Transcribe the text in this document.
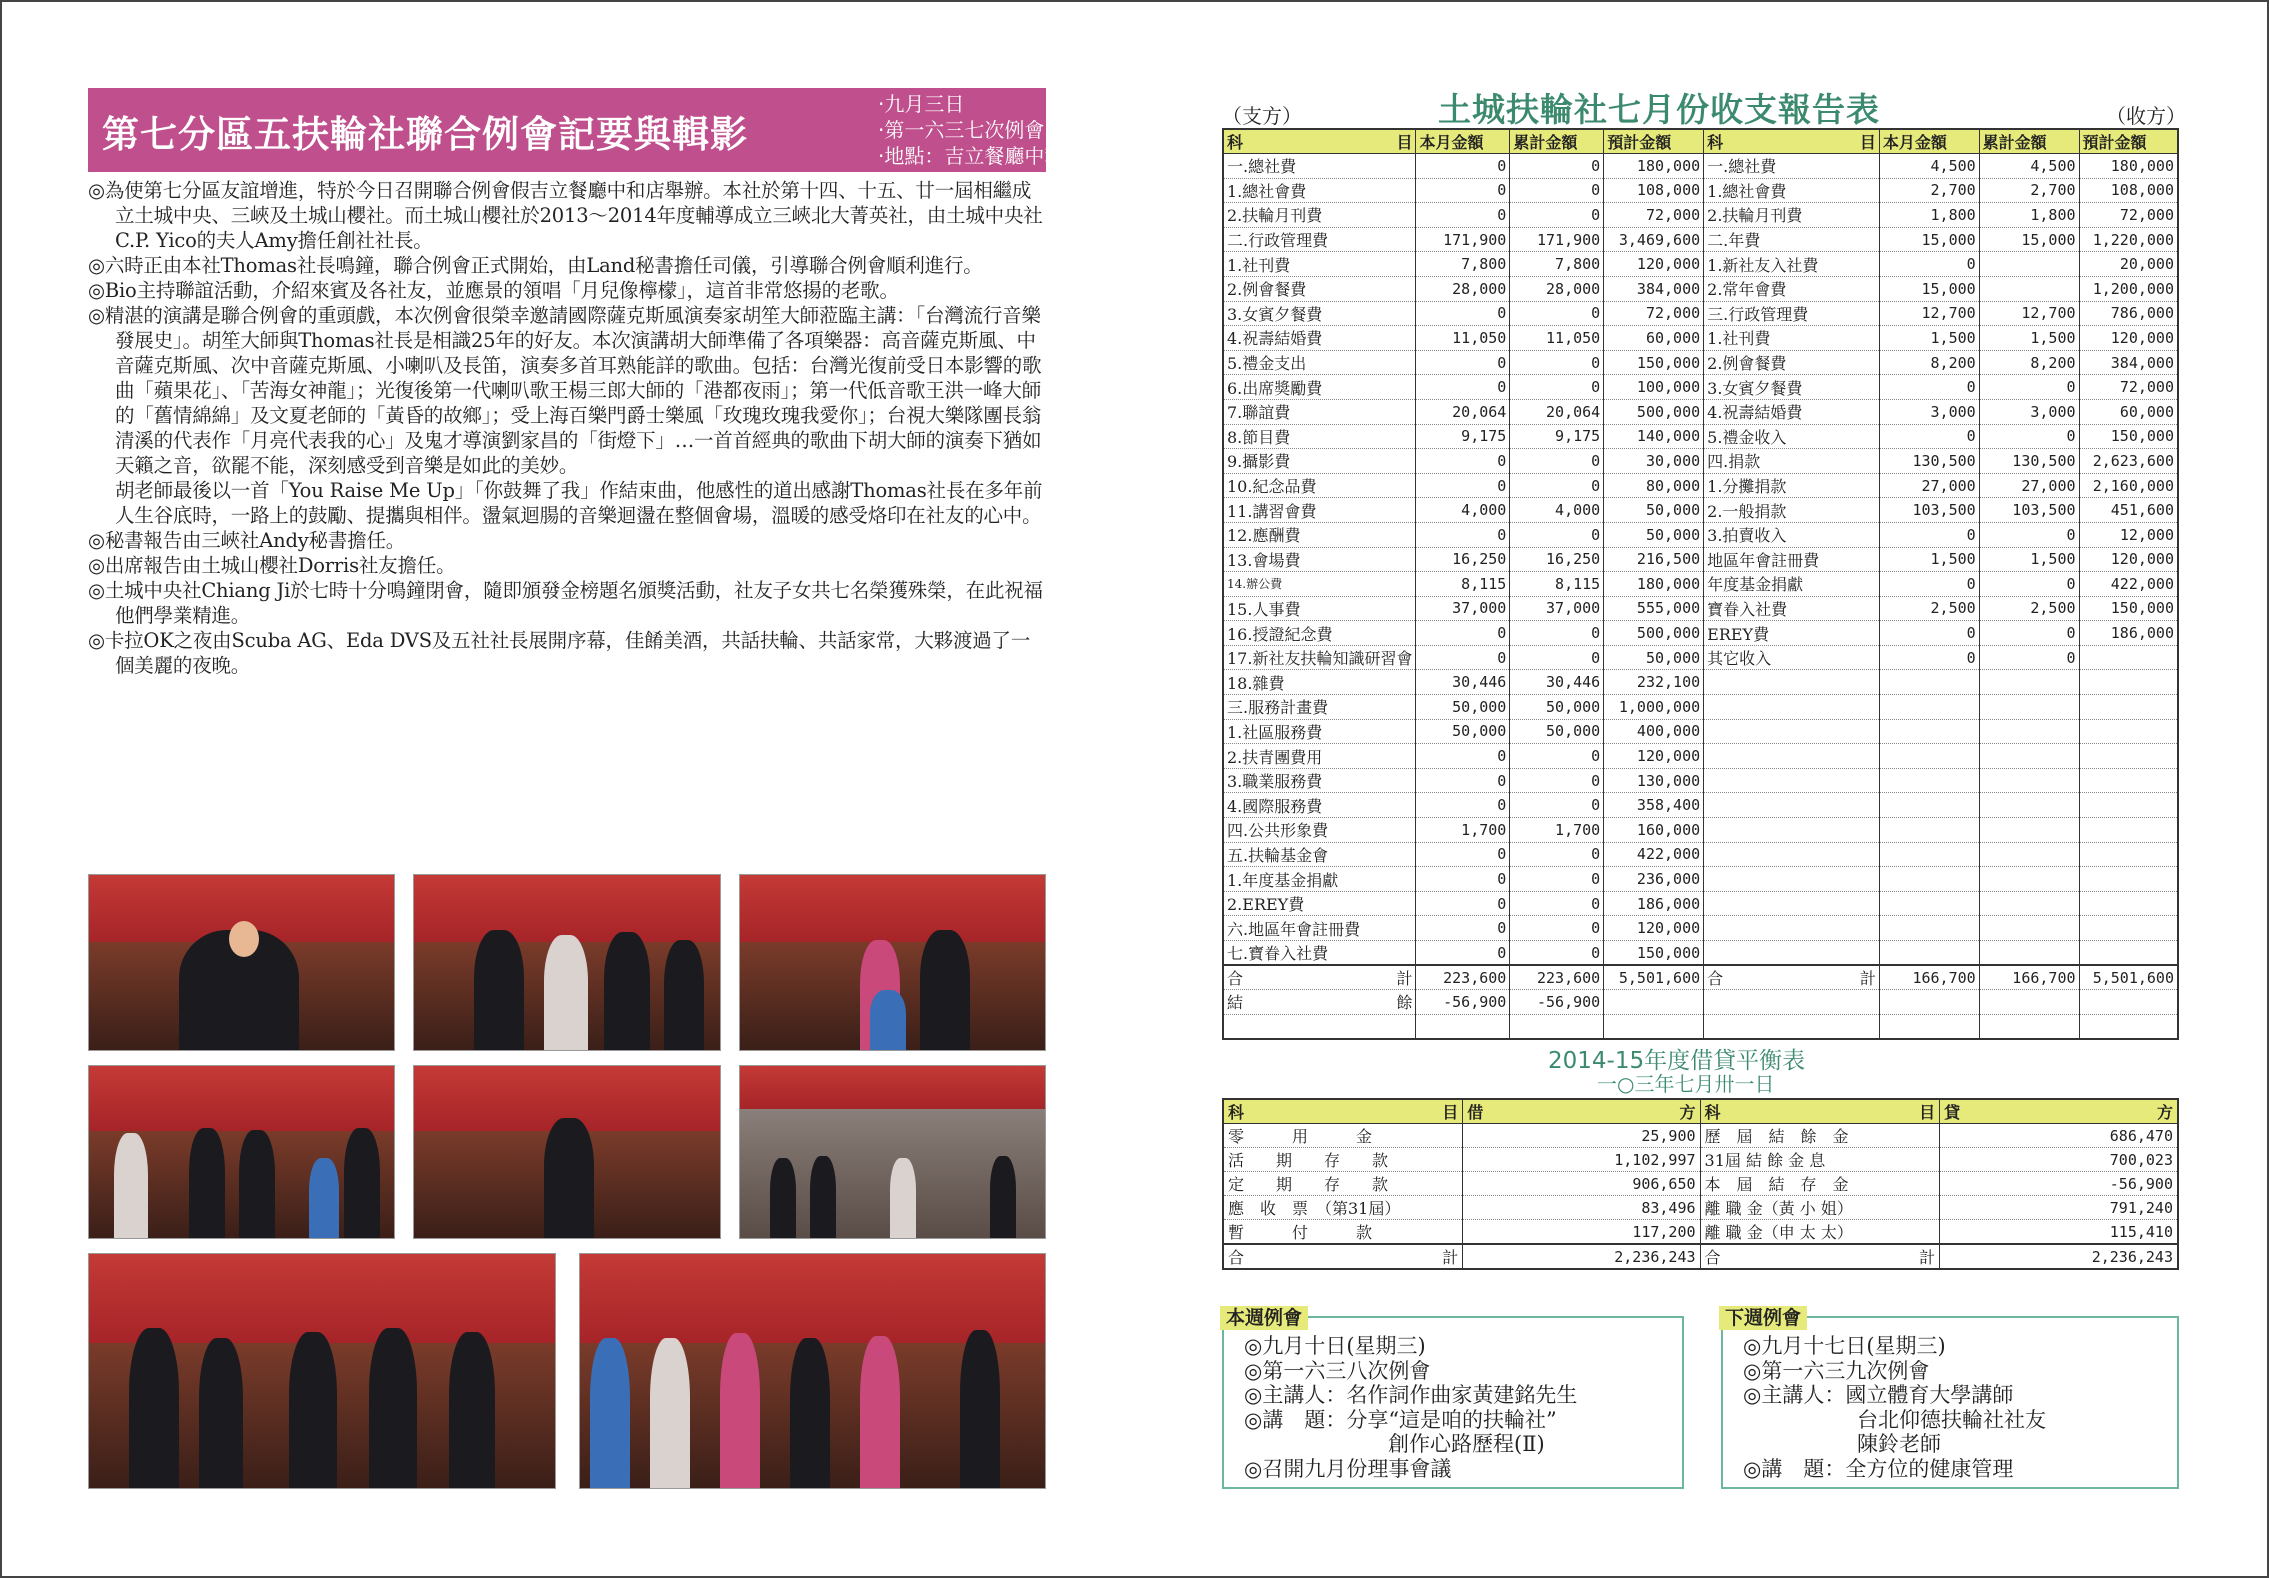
第七分區五扶輪社聯合例會記要與輯影
‧九月三日
‧第一六三七次例會
‧地點：吉立餐廳中和店
◎為使第七分區友誼增進，特於今日召開聯合例會假吉立餐廳中和店舉辦。本社於第十四、十五、廿一屆相繼成立土城中央、三峽及土城山櫻社。而土城山櫻社於2013～2014年度輔導成立三峽北大菁英社，由土城中央社C.P. Yico的夫人Amy擔任創社社長。
◎六時正由本社Thomas社長鳴鐘，聯合例會正式開始，由Land秘書擔任司儀，引導聯合例會順利進行。
◎Bio主持聯誼活動，介紹來賓及各社友，並應景的領唱「月兒像檸檬」，這首非常悠揚的老歌。
◎精湛的演講是聯合例會的重頭戲，本次例會很榮幸邀請國際薩克斯風演奏家胡笙大師蒞臨主講：「台灣流行音樂發展史」。胡笙大師與Thomas社長是相識25年的好友。本次演講胡大師準備了各項樂器：高音薩克斯風、中音薩克斯風、次中音薩克斯風、小喇叭及長笛，演奏多首耳熟能詳的歌曲。包括：台灣光復前受日本影響的歌曲「蘋果花」、「苦海女神龍」；光復後第一代喇叭歌王楊三郎大師的「港都夜雨」；第一代低音歌王洪一峰大師的「舊情綿綿」及文夏老師的「黃昏的故鄉」；受上海百樂門爵士樂風「玫瑰玫瑰我愛你」；台視大樂隊團長翁清溪的代表作「月亮代表我的心」及鬼才導演劉家昌的「街燈下」…一首首經典的歌曲下胡大師的演奏下猶如天籟之音，欲罷不能，深刻感受到音樂是如此的美妙。
胡老師最後以一首「You Raise Me Up」「你鼓舞了我」作結束曲，他感性的道出感謝Thomas社長在多年前人生谷底時，一路上的鼓勵、提攜與相伴。盪氣迴腸的音樂迴盪在整個會場，溫暖的感受烙印在社友的心中。
◎秘書報告由三峽社Andy秘書擔任。
◎出席報告由土城山櫻社Dorris社友擔任。
◎土城中央社Chiang Ji於七時十分鳴鐘閉會，隨即頒發金榜題名頒獎活動，社友子女共七名榮獲殊榮，在此祝福他們學業精進。
◎卡拉OK之夜由Scuba AG、Eda DVS及五社社長展開序幕，佳餚美酒，共話扶輪、共話家常，大夥渡過了一個美麗的夜晚。
（支方）	土城扶輪社七月份收支報告表	（收方）
科 目	本月金額	累計金額	預計金額	科 目	本月金額	累計金額	預計金額
一.總社費	0	0	180,000	一.總社費	4,500	4,500	180,000
1.總社會費	0	0	108,000	1.總社會費	2,700	2,700	108,000
2.扶輪月刊費	0	0	72,000	2.扶輪月刊費	1,800	1,800	72,000
二.行政管理費	171,900	171,900	3,469,600	二.年費	15,000	15,000	1,220,000
1.社刊費	7,800	7,800	120,000	1.新社友入社費	0		20,000
2.例會餐費	28,000	28,000	384,000	2.常年會費	15,000		1,200,000
3.女賓夕餐費	0	0	72,000	三.行政管理費	12,700	12,700	786,000
4.祝壽結婚費	11,050	11,050	60,000	1.社刊費	1,500	1,500	120,000
5.禮金支出	0	0	150,000	2.例會餐費	8,200	8,200	384,000
6.出席獎勵費	0	0	100,000	3.女賓夕餐費	0	0	72,000
7.聯誼費	20,064	20,064	500,000	4.祝壽結婚費	3,000	3,000	60,000
8.節目費	9,175	9,175	140,000	5.禮金收入	0	0	150,000
9.攝影費	0	0	30,000	四.捐款	130,500	130,500	2,623,600
10.紀念品費	0	0	80,000	1.分攤捐款	27,000	27,000	2,160,000
11.講習會費	4,000	4,000	50,000	2.一般捐款	103,500	103,500	451,600
12.應酬費	0	0	50,000	3.拍賣收入	0	0	12,000
13.會場費	16,250	16,250	216,500	地區年會註冊費	1,500	1,500	120,000
14.辦公費	8,115	8,115	180,000	年度基金捐獻	0	0	422,000
15.人事費	37,000	37,000	555,000	寶眷入社費	2,500	2,500	150,000
16.授證紀念費	0	0	500,000	EREY費	0	0	186,000
17.新社友扶輪知識研習會	0	0	50,000	其它收入	0	0	
18.雜費	30,446	30,446	232,100				
三.服務計畫費	50,000	50,000	1,000,000				
1.社區服務費	50,000	50,000	400,000				
2.扶青團費用	0	0	120,000				
3.職業服務費	0	0	130,000				
4.國際服務費	0	0	358,400				
四.公共形象費	1,700	1,700	160,000				
五.扶輪基金會	0	0	422,000				
1.年度基金捐獻	0	0	236,000				
2.EREY費	0	0	186,000				
六.地區年會註冊費	0	0	120,000				
七.寶眷入社費	0	0	150,000				

合 計	223,600	223,600	5,501,600	合 計	166,700	166,700	5,501,600

結 餘	-56,900	-56,900					

2014-15年度借貸平衡表
一○三年七月卅一日
科 目	借 方	科 目	貸 方

零　　　用　　　金	25,900	歷　屆　結　餘　金	686,470
活　　期　　存　　款	1,102,997	31屆 結 餘 金 息	700,023
定　　期　　存　　款	906,650	本　屆　結　存　金	-56,900
應　收　票　（第31屆）	83,496	離 職 金（黃 小 姐）	791,240
暫　　　付　　　款	117,200	離 職 金（申 太 太）	115,410

合 計	2,236,243	合 計	2,236,243
本週例會
◎九月十日(星期三)
◎第一六三八次例會
◎主講人：名作詞作曲家黃建銘先生
◎講　題：分享“這是咱的扶輪社”
創作心路歷程(Ⅱ)
◎召開九月份理事會議
下週例會
◎九月十七日(星期三)
◎第一六三九次例會
◎主講人：國立體育大學講師
台北仰德扶輪社社友
陳鈴老師
◎講　題：全方位的健康管理
